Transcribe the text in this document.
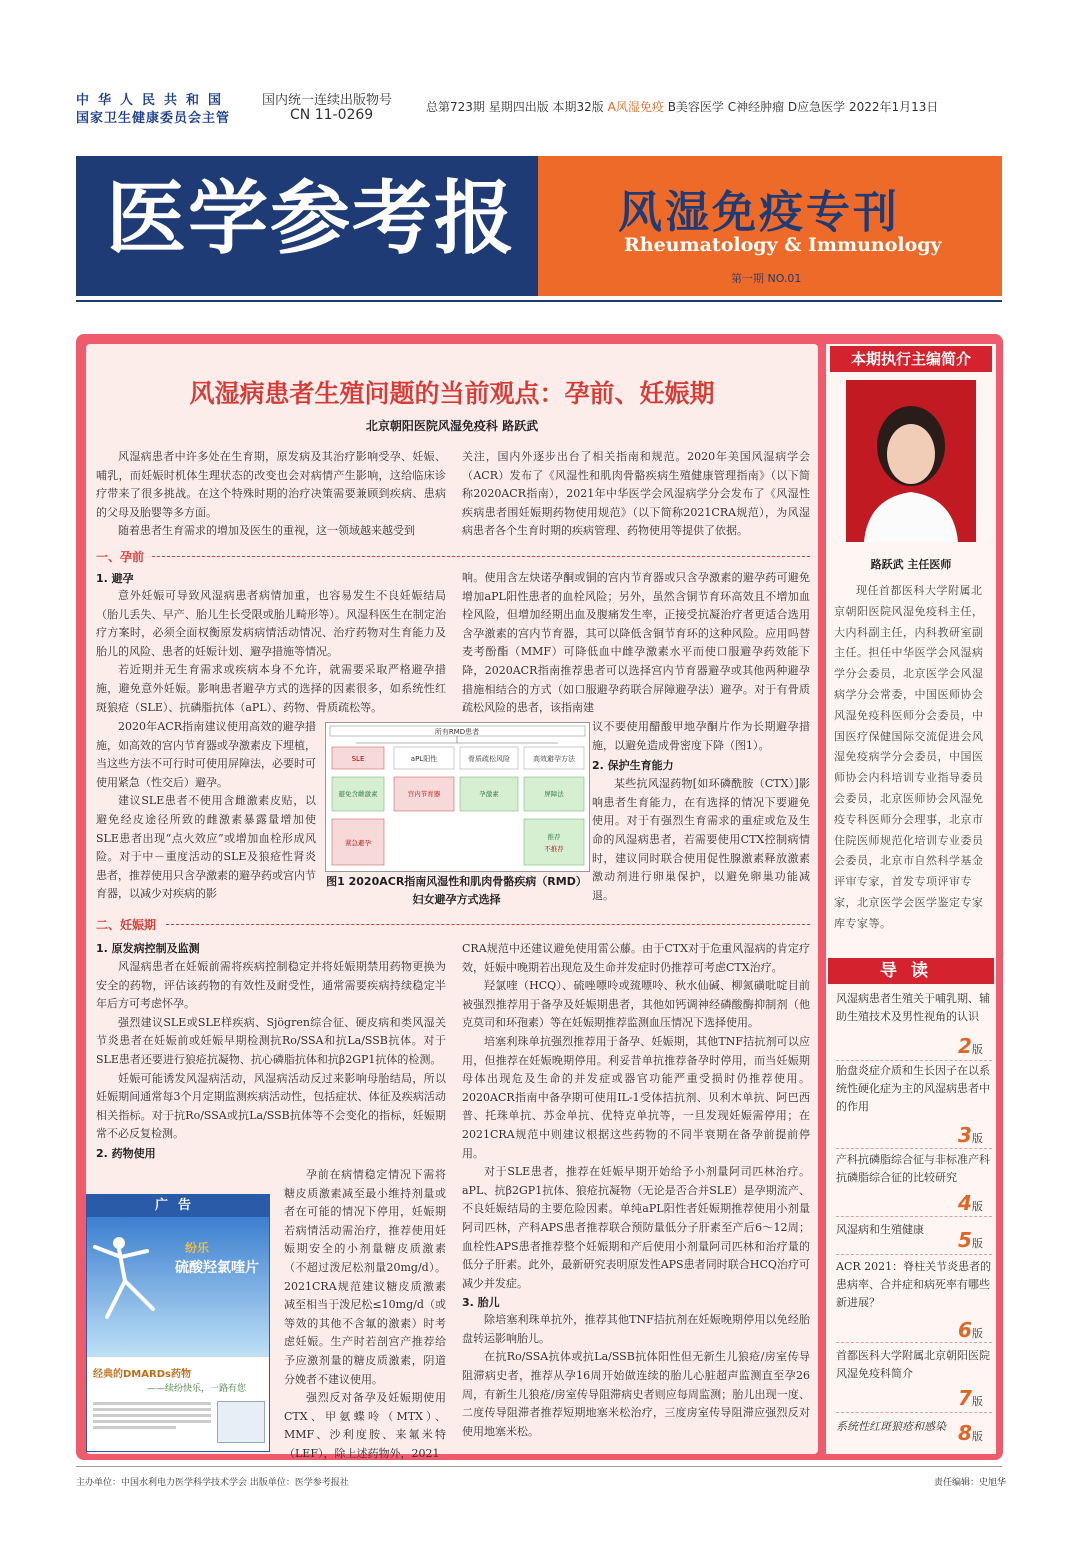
中华人民共和国
国家卫生健康委员会主管
国内统一连续出版物号
CN 11-0269	总第723期 星期四出版 本期32版 A风湿免疫 B美容医学 C神经肿瘤 D应急医学 2022年1月13日
医学参考报 风湿免疫专刊
Rheumatology & Immunology
第一期 NO.01
风湿病患者生殖问题的当前观点：孕前、妊娠期
北京朝阳医院风湿免疫科 路跃武

风湿病患者中许多处在生育期，原发病及其治疗影响受孕、妊娠、哺乳，而妊娠时机体生理状态的改变也会对病情产生影响，这给临床诊疗带来了很多挑战。在这个特殊时期的治疗决策需要兼顾到疾病、患病的父母及胎婴等多方面。

随着患者生育需求的增加及医生的重视，这一领域越来越受到

关注，国内外逐步出台了相关指南和规范。2020年美国风湿病学会（ACR）发布了《风湿性和肌肉骨骼疾病生殖健康管理指南》（以下简称2020ACR指南），2021年中华医学会风湿病学分会发布了《风湿性疾病患者围妊娠期药物使用规范》（以下简称2021CRA规范），为风湿病患者各个生育时期的疾病管理、药物使用等提供了依据。

一、孕前
1. 避孕

意外妊娠可导致风湿病患者病情加重，也容易发生不良妊娠结局（胎儿丢失、早产、胎儿生长受限或胎儿畸形等）。风湿科医生在制定治疗方案时，必须全面权衡原发病病情活动情况、治疗药物对生育能力及胎儿的风险、患者的妊娠计划、避孕措施等情况。

若近期并无生育需求或疾病本身不允许，就需要采取严格避孕措施，避免意外妊娠。影响患者避孕方式的选择的因素很多，如系统性红斑狼疮（SLE）、抗磷脂抗体（aPL）、药物、骨质疏松等。

2020年ACR指南建议使用高效的避孕措施，如高效的宫内节育器或孕激素皮下埋植，当这些方法不可行时可使用屏障法，必要时可使用紧急（性交后）避孕。

建议SLE患者不使用含雌激素皮贴，以避免经皮途径所致的雌激素暴露量增加使SLE患者出现“点火效应”或增加血栓形成风险。对于中－重度活动的SLE及狼疮性肾炎患者，推荐使用只含孕激素的避孕药或宫内节育器，以减少对疾病的影

响。使用含左炔诺孕酮或铜的宫内节育器或只含孕激素的避孕药可避免增加aPL阳性患者的血栓风险；另外，虽然含铜节育环高效且不增加血栓风险，但增加经期出血及腹痛发生率，正接受抗凝治疗者更适合选用含孕激素的宫内节育器，其可以降低含铜节育环的这种风险。应用吗替麦考酚酯（MMF）可降低血中雌孕激素水平而使口服避孕药效能下降，2020ACR指南推荐患者可以选择宫内节育器避孕或其他两种避孕措施相结合的方式（如口服避孕药联合屏障避孕法）避孕。对于有骨质疏松风险的患者，该指南建

议不要使用醋酸甲地孕酮片作为长期避孕措施，以避免造成骨密度下降（图1）。

2. 保护生育能力

某些抗风湿药物[如环磷酰胺（CTX）]影响患者生育能力，在有选择的情况下要避免使用。对于有强烈生育需求的重症或危及生命的风湿病患者，若需要使用CTX控制病情时，建议同时联合使用促性腺激素释放激素激动剂进行卵巢保护，以避免卵巢功能减退。

所有RMD患者
SLE	aPL阳性	骨质疏松风险	高效避孕方法
避免含雌激素	宫内节育器	孕激素	屏障法
紧急避孕
推荐
不推荐
图1 2020ACR指南风湿性和肌肉骨骼疾病（RMD）妇女避孕方式选择
二、妊娠期
1. 原发病控制及监测

风湿病患者在妊娠前需将疾病控制稳定并将妊娠期禁用药物更换为安全的药物，评估该药物的有效性及耐受性，通常需要疾病持续稳定半年后方可考虑怀孕。

强烈建议SLE或SLE样疾病、Sjögren综合征、硬皮病和类风湿关节炎患者在妊娠前或妊娠早期检测抗Ro/SSA和抗La/SSB抗体。对于SLE患者还要进行狼疮抗凝物、抗心磷脂抗体和抗β2GP1抗体的检测。

妊娠可能诱发风湿病活动，风湿病活动反过来影响母胎结局，所以妊娠期间通常每3个月定期监测疾病活动性，包括症状、体征及疾病活动相关指标。对于抗Ro/SSA或抗La/SSB抗体等不会变化的指标，妊娠期常不必反复检测。

2. 药物使用

孕前在病情稳定情况下需将糖皮质激素减至最小维持剂量或者在可能的情况下停用，妊娠期若病情活动需治疗，推荐使用妊娠期安全的小剂量糖皮质激素（不超过泼尼松剂量20mg/d）。2021CRA规范建议糖皮质激素减至相当于泼尼松≤10mg/d（或等效的其他不含氟的激素）时考虑妊娠。生产时若剖宫产推荐给予应激剂量的糖皮质激素，阴道分娩者不建议使用。

强烈反对备孕及妊娠期使用CTX、甲氨蝶呤（MTX）、MMF、沙利度胺、来氟米特（LEF），除上述药物外，2021

CRA规范中还建议避免使用雷公藤。由于CTX对于危重风湿病的肯定疗效，妊娠中晚期若出现危及生命并发症时仍推荐可考虑CTX治疗。

羟氯喹（HCQ）、硫唑嘌呤或巯嘌呤、秋水仙碱、柳氮磺吡啶目前被强烈推荐用于备孕及妊娠期患者，其他如钙调神经磷酸酶抑制剂（他克莫司和环孢素）等在妊娠期推荐监测血压情况下选择使用。

培塞利珠单抗强烈推荐用于备孕、妊娠期，其他TNF拮抗剂可以应用，但推荐在妊娠晚期停用。利妥昔单抗推荐备孕时停用，而当妊娠期母体出现危及生命的并发症或器官功能严重受损时仍推荐使用。2020ACR指南中备孕期可使用IL-1受体拮抗剂、贝利木单抗、阿巴西普、托珠单抗、苏金单抗、优特克单抗等，一旦发现妊娠需停用；在2021CRA规范中则建议根据这些药物的不同半衰期在备孕前提前停用。

对于SLE患者，推荐在妊娠早期开始给予小剂量阿司匹林治疗。aPL、抗β2GP1抗体、狼疮抗凝物（无论是否合并SLE）是孕期流产、不良妊娠结局的主要危险因素。单纯aPL阳性者妊娠期推荐使用小剂量阿司匹林，产科APS患者推荐联合预防量低分子肝素至产后6～12周；血栓性APS患者推荐整个妊娠期和产后使用小剂量阿司匹林和治疗量的低分子肝素。此外，最新研究表明原发性APS患者同时联合HCQ治疗可减少并发症。

3. 胎儿

除培塞利珠单抗外，推荐其他TNF拮抗剂在妊娠晚期停用以免经胎盘转运影响胎儿。

在抗Ro/SSA抗体或抗La/SSB抗体阳性但无新生儿狼疮/房室传导阻滞病史者，推荐从孕16周开始做连续的胎儿心脏超声监测直至孕26周，有新生儿狼疮/房室传导阻滞病史者则应每周监测；胎儿出现一度、二度传导阻滞者推荐短期地塞米松治疗，三度房室传导阻滞应强烈反对使用地塞米松。

广告
纷乐
硫酸羟氯喹片
经典的DMARDs药物
——续纷快乐，一路有您
本期执行主编简介
路跃武 主任医师
现任首都医科大学附属北京朝阳医院风湿免疫科主任，大内科副主任，内科教研室副主任。担任中华医学会风湿病学分会委员，北京医学会风湿病学分会常委，中国医师协会风湿免疫科医师分会委员，中国医疗保健国际交流促进会风湿免疫病学分会委员，中国医师协会内科培训专业指导委员会委员，北京医师协会风湿免疫专科医师分会理事，北京市住院医师规范化培训专业委员会委员，北京市自然科学基金评审专家，首发专项评审专家，北京医学会医学鉴定专家库专家等。
导读
风湿病患者生殖关于哺乳期、辅助生殖技术及男性视角的认识
2版
胎盘炎症介质和生长因子在以系统性硬化症为主的风湿病患者中的作用
3版
产科抗磷脂综合征与非标准产科抗磷脂综合征的比较研究
4版
风湿病和生殖健康	5版
ACR 2021：脊柱关节炎患者的患病率、合并症和病死率有哪些新进展？
6版
首都医科大学附属北京朝阳医院风湿免疫科简介
7版
系统性红斑狼疮和感染 8版
主办单位：中国水利电力医学科学技术学会 出版单位：医学参考报社	责任编辑：史旭华
